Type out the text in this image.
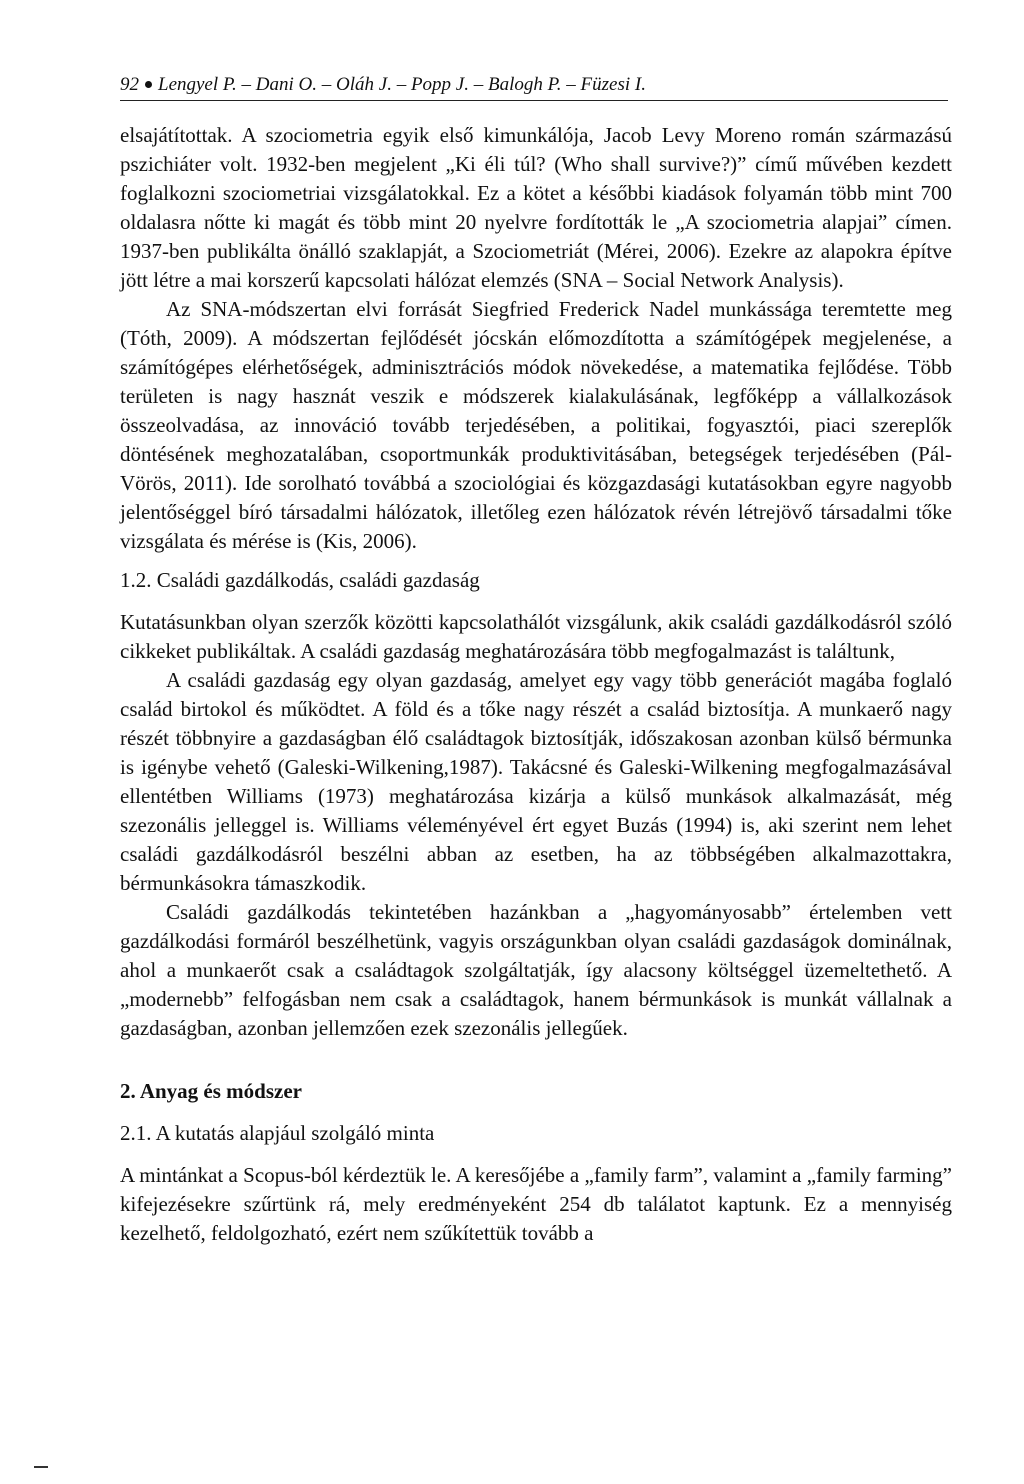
92 Lengyel P. – Dani O. – Oláh J. – Popp J. – Balogh P. – Füzesi I.

elsajátítottak. A szociometria egyik első kimunkálója, Jacob Levy Moreno román származású pszichiáter volt. 1932-ben megjelent „Ki éli túl? (Who shall survive?)” című művében kezdett foglalkozni szociometriai vizsgálatokkal. Ez a kötet a későbbi kiadások folyamán több mint 700 oldalasra nőtte ki magát és több mint 20 nyelvre fordították le „A szociometria alapjai” címen. 1937-ben publikálta önálló szaklapját, a Szociometriát (Mérei, 2006). Ezekre az alapokra építve jött létre a mai korszerű kapcsolati hálózat elemzés (SNA – Social Network Analysis).

Az SNA-módszertan elvi forrását Siegfried Frederick Nadel munkássága teremtette meg (Tóth, 2009). A módszertan fejlődését jócskán előmozdította a számítógépek megjelenése, a számítógépes elérhetőségek, adminisztrációs módok növekedése, a matematika fejlődése. Több területen is nagy hasznát veszik e módszerek kialakulásának, legfőképp a vállalkozások összeolvadása, az innováció tovább terjedésében, a politikai, fogyasztói, piaci szereplők döntésének meghozatalában, csoportmunkák produktivitásában, betegségek terjedésében (Pál-Vörös, 2011). Ide sorolható továbbá a szociológiai és közgazdasági kutatásokban egyre nagyobb jelentőséggel bíró társadalmi hálózatok, illetőleg ezen hálózatok révén létrejövő társadalmi tőke vizsgálata és mérése is (Kis, 2006).

1.2. Családi gazdálkodás, családi gazdaság

Kutatásunkban olyan szerzők közötti kapcsolathálót vizsgálunk, akik családi gazdálkodásról szóló cikkeket publikáltak. A családi gazdaság meghatározására több megfogalmazást is találtunk,

A családi gazdaság egy olyan gazdaság, amelyet egy vagy több generációt magába foglaló család birtokol és működtet. A föld és a tőke nagy részét a család biztosítja. A munkaerő nagy részét többnyire a gazdaságban élő családtagok biztosítják, időszakosan azonban külső bérmunka is igénybe vehető (Galeski-Wilkening,1987). Takácsné és Galeski-Wilkening megfogalmazásával ellentétben Williams (1973) meghatározása kizárja a külső munkások alkalmazását, még szezonális jelleggel is. Williams véleményével ért egyet Buzás (1994) is, aki szerint nem lehet családi gazdálkodásról beszélni abban az esetben, ha az többségében alkalmazottakra, bérmunkásokra támaszkodik.

Családi gazdálkodás tekintetében hazánkban a „hagyományosabb” értelemben vett gazdálkodási formáról beszélhetünk, vagyis országunkban olyan családi gazdaságok dominálnak, ahol a munkaerőt csak a családtagok szolgáltatják, így alacsony költséggel üzemeltethető. A „modernebb” felfogásban nem csak a családtagok, hanem bérmunkások is munkát vállalnak a gazdaságban, azonban jellemzően ezek szezonális jellegűek.

2. Anyag és módszer
2.1. A kutatás alapjául szolgáló minta

A mintánkat a Scopus-ból kérdeztük le. A keresőjébe a „family farm”, valamint a „family farming” kifejezésekre szűrtünk rá, mely eredményeként 254 db találatot kaptunk. Ez a mennyiség kezelhető, feldolgozható, ezért nem szűkítettük tovább a
